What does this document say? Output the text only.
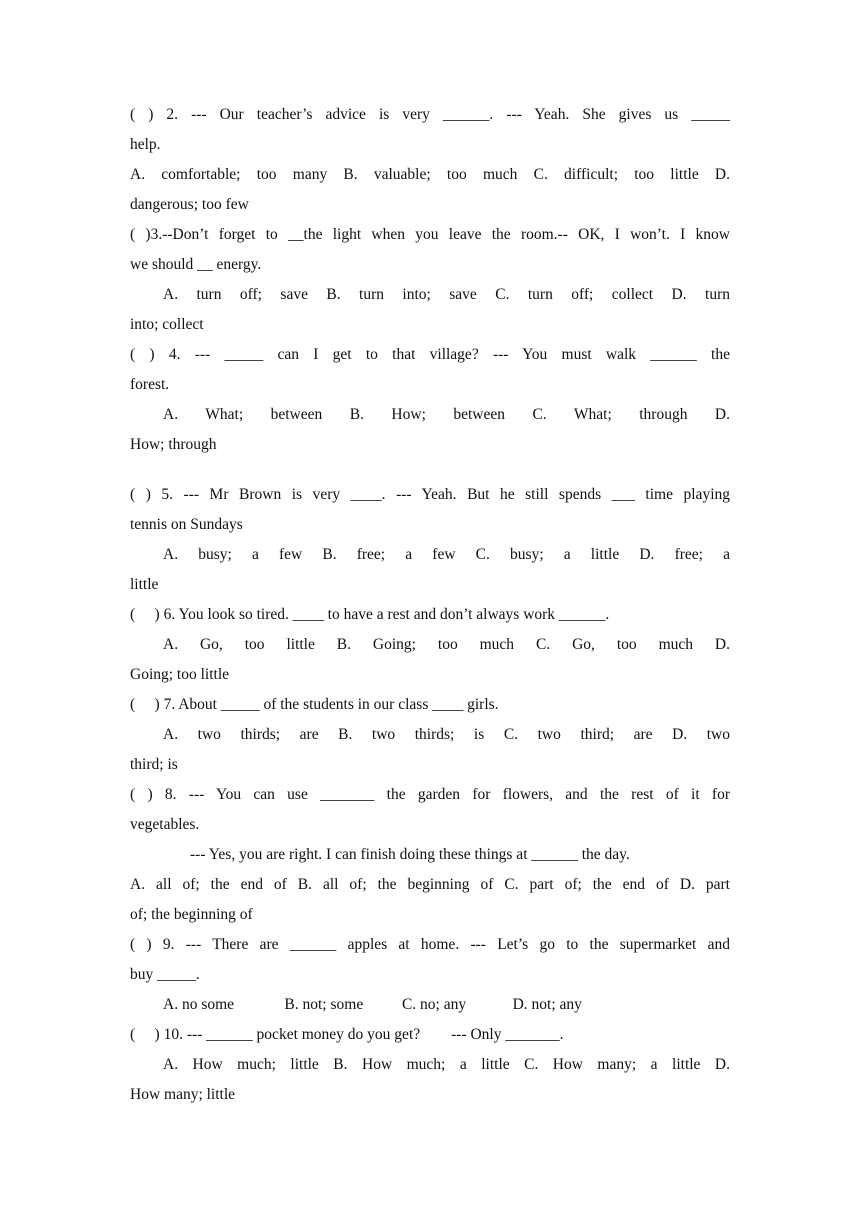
( ) 2. --- Our teacher’s advice is very ______. --- Yeah. She gives us _____
help.
A. comfortable; too many B. valuable; too much C. difficult; too little D.
dangerous; too few
( )3.--Don’t forget to __the light when you leave the room.-- OK, I won’t. I know
we should __ energy.
A. turn off; save B. turn into; save C. turn off; collect D. turn
into; collect
( ) 4. --- _____ can I get to that village? --- You must walk ______ the
forest.
A. What; between B. How; between C. What; through D.
How; through
( ) 5. --- Mr Brown is very ____. --- Yeah. But he still spends ___ time playing
tennis on Sundays
A. busy; a few B. free; a few C. busy; a little D. free; a
little
(     ) 6. You look so tired. ____ to have a rest and don’t always work ______.
A. Go, too little B. Going; too much C. Go, too much D.
Going; too little
(     ) 7. About _____ of the students in our class ____ girls.
A. two thirds; are B. two thirds; is C. two third; are D. two
third; is
( ) 8. --- You can use _______ the garden for flowers, and the rest of it for
vegetables.
--- Yes, you are right. I can finish doing these things at ______ the day.
A. all of; the end of B. all of; the beginning of C. part of; the end of D. part
of; the beginning of
( ) 9. --- There are ______ apples at home. --- Let’s go to the supermarket and
buy _____.
A. no some             B. not; some          C. no; any            D. not; any
(     ) 10. --- ______ pocket money do you get?        --- Only _______.
A. How much; little B. How much; a little C. How many; a little D.
How many; little
